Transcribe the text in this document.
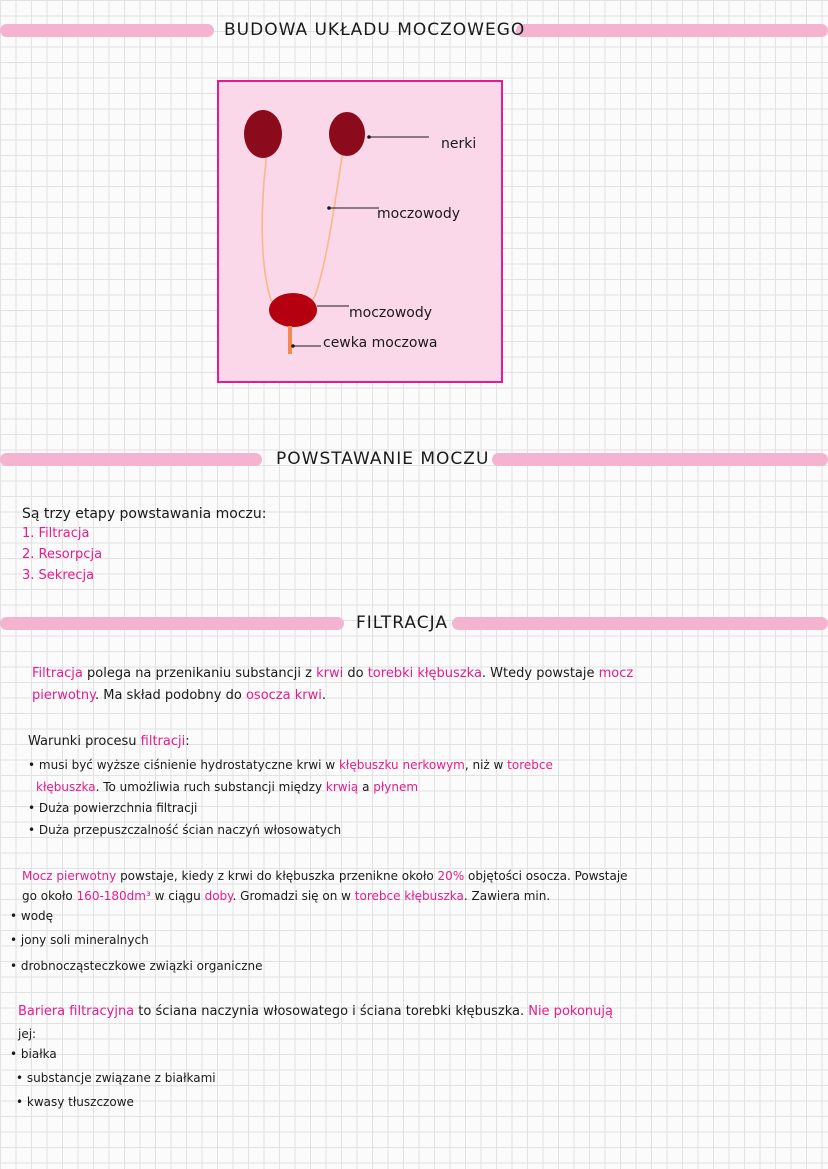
BUDOWA UKŁADU MOCZOWEGO
nerki
moczowody
moczowody
cewka moczowa
POWSTAWANIE MOCZU
Są trzy etapy powstawania moczu:
1. Filtracja
2. Resorpcja
3. Sekrecja
FILTRACJA
Filtracja polega na przenikaniu substancji z krwi do torebki kłębuszka. Wtedy powstaje mocz
pierwotny. Ma skład podobny do osocza krwi.
Warunki procesu filtracji:
• musi być wyższe ciśnienie hydrostatyczne krwi w kłębuszku nerkowym, niż w torebce
kłębuszka. To umożliwia ruch substancji między krwią a płynem
• Duża powierzchnia filtracji
• Duża przepuszczalność ścian naczyń włosowatych
Mocz pierwotny powstaje, kiedy z krwi do kłębuszka przenikne około 20% objętości osocza. Powstaje
go około 160-180dm³ w ciągu doby. Gromadzi się on w torebce kłębuszka. Zawiera min.
• wodę
• jony soli mineralnych
• drobnocząsteczkowe związki organiczne
Bariera filtracyjna to ściana naczynia włosowatego i ściana torebki kłębuszka. Nie pokonują
jej:
• białka
• substancje związane z białkami
• kwasy tłuszczowe
